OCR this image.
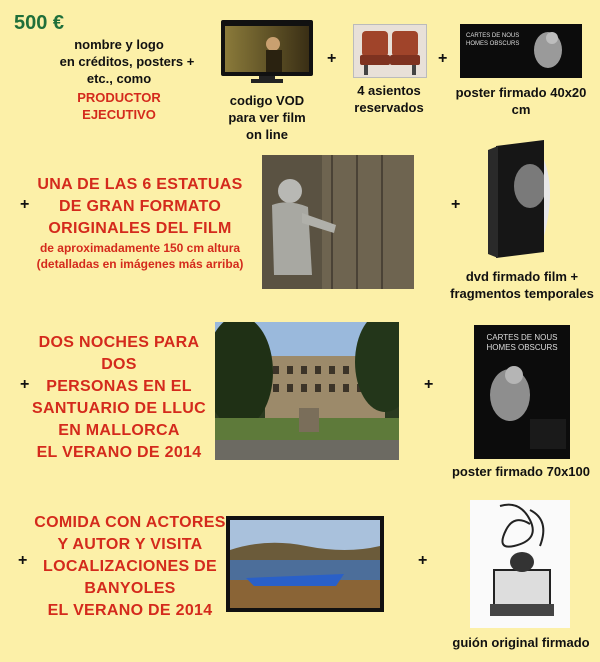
500 €
nombre y logo
en créditos, posters +
etc., como
PRODUCTOR
EJECUTIVO
codigo VOD
para ver film
on line
+
4 asientos
reservados
+
CARTES DE NOUS
HOMES OBSCURS
poster firmado 40x20 cm
+
UNA DE LAS 6 ESTATUAS
DE GRAN FORMATO
ORIGINALES DEL FILM
de aproximadamente 150 cm altura
(detalladas en imágenes más arriba)
+
dvd firmado film +
fragmentos temporales
+
DOS NOCHES PARA DOS
PERSONAS EN EL
SANTUARIO DE LLUC
EN MALLORCA
EL VERANO DE 2014
+
CARTES DE NOUS
HOMES OBSCURS
poster firmado 70x100
+
COMIDA CON ACTORES
Y AUTOR Y VISITA
LOCALIZACIONES DE
BANYOLES
EL VERANO DE 2014
+
guión original firmado
